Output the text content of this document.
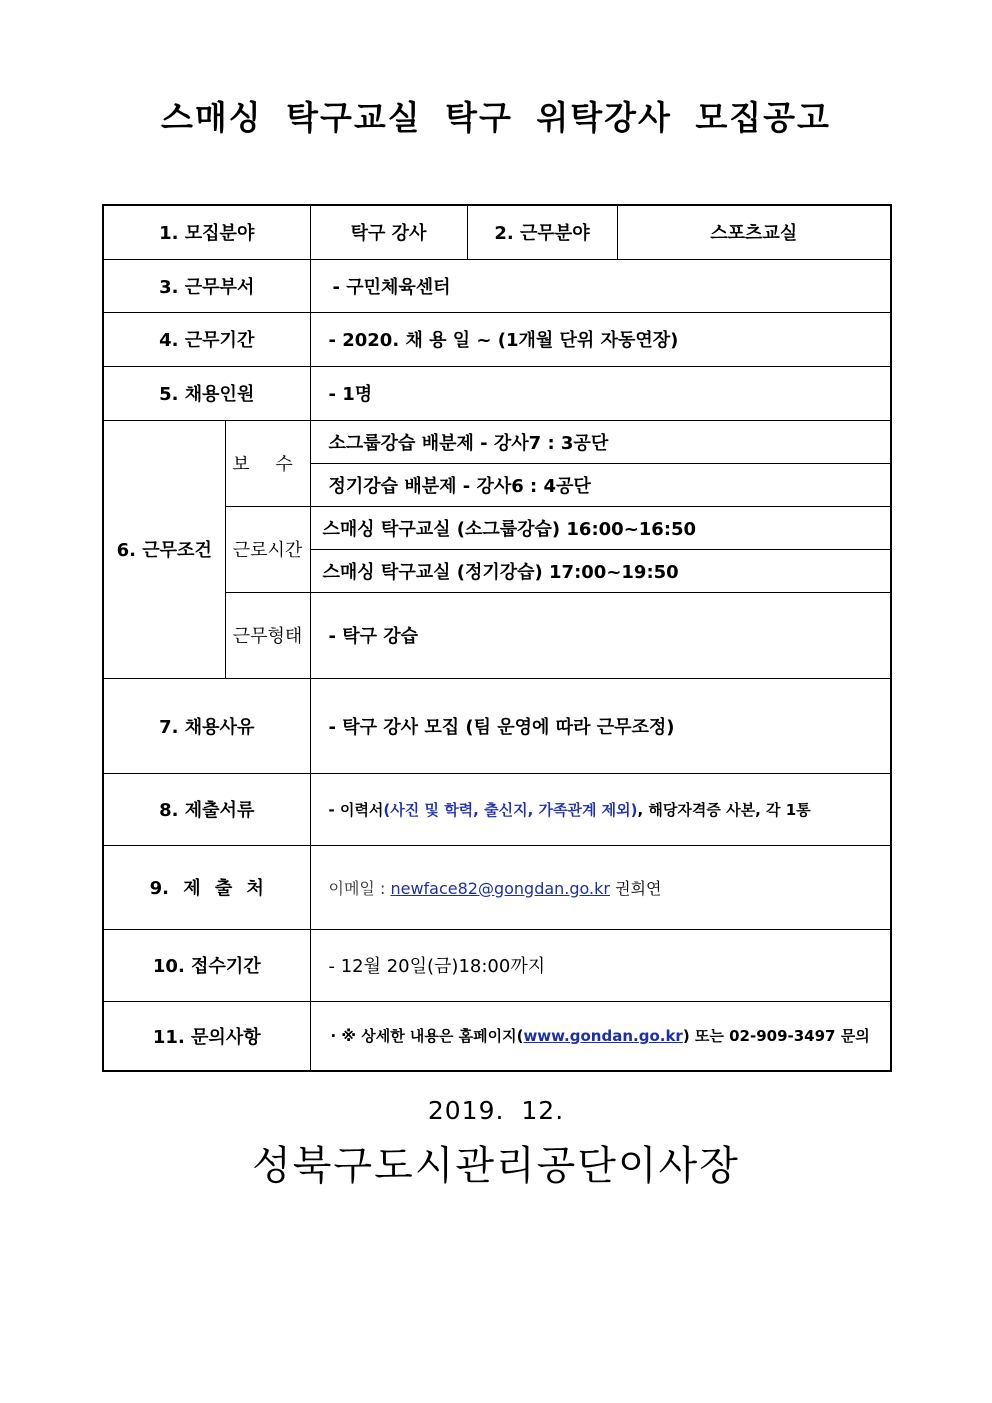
스매싱 탁구교실 탁구 위탁강사 모집공고
1. 모집분야		탁구 강사	2. 근무분야	스포츠교실
3. 근무부서		- 구민체육센터		
4. 근무기간		- 2020. 채 용 일 ~ (1개월 단위 자동연장)		
5. 채용인원		- 1명		
6. 근무조건	보 수	소그룹강습 배분제 - 강사7 : 3공단		
		정기강습 배분제 - 강사6 : 4공단		
	근로시간	스매싱 탁구교실 (소그룹강습) 16:00~16:50		
		스매싱 탁구교실 (정기강습) 17:00~19:50		
	근무형태	- 탁구 강습		
7. 채용사유		- 탁구 강사 모집 (팀 운영에 따라 근무조정)		
8. 제출서류		- 이력서(사진 및 학력, 출신지, 가족관계 제외), 해당자격증 사본, 각 1통		
9. 제 출 처		이메일 : newface82@gongdan.go.kr 권희연		
10. 접수기간		- 12월 20일(금)18:00까지		
11. 문의사항		· ※ 상세한 내용은 홈페이지(www.gondan.go.kr) 또는 02-909-3497 문의		
2019. 12.
성북구도시관리공단이사장
